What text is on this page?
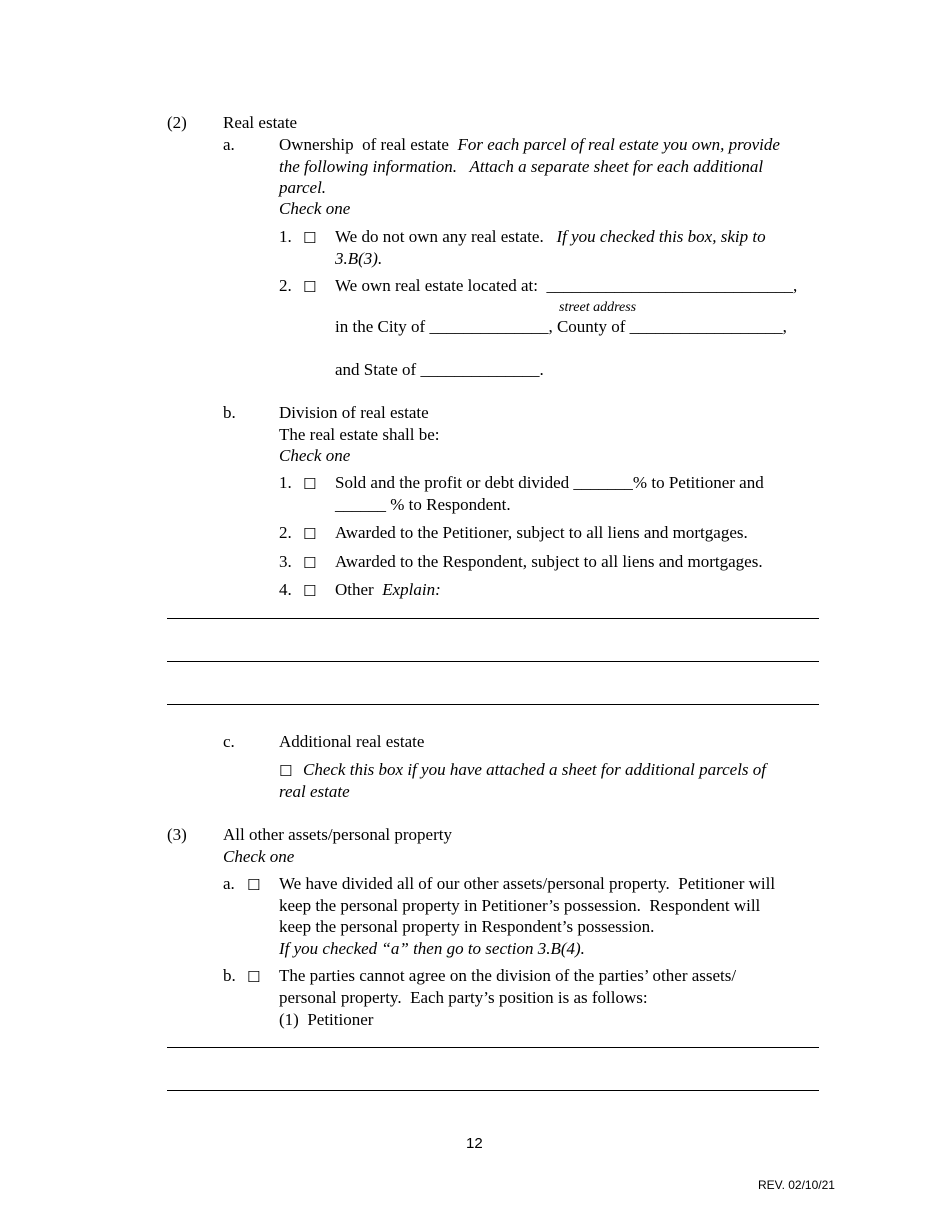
(2) Real estate
a.	Ownership  of real estate For each parcel of real estate you own, provide
the following information.   Attach a separate sheet for each additional
parcel.
Check one
1. ☐ We do not own any real estate. If you checked this box, skip to
3.B(3).
2. ☐ We own real estate located at:  _____________________________,
street address
in the City of ______________, County of __________________,
and State of ______________.
b.	Division of real estate
The real estate shall be:
Check one
1. ☐ Sold and the profit or debt divided _______% to Petitioner and
______ % to Respondent.
2. ☐ Awarded to the Petitioner, subject to all liens and mortgages.
3. ☐ Awarded to the Respondent, subject to all liens and mortgages.
4. ☐ Other Explain:
c.	Additional real estate
☐ Check this box if you have attached a sheet for additional parcels of
real estate
(3) All other assets/personal property
Check one
a. ☐ We have divided all of our other assets/personal property.  Petitioner will
keep the personal property in Petitioner’s possession.  Respondent will
keep the personal property in Respondent’s possession.
If you checked “a” then go to section 3.B(4).
b. ☐ The parties cannot agree on the division of the parties’ other assets/
personal property.  Each party’s position is as follows:
(1)  Petitioner
12
REV. 02/10/21
